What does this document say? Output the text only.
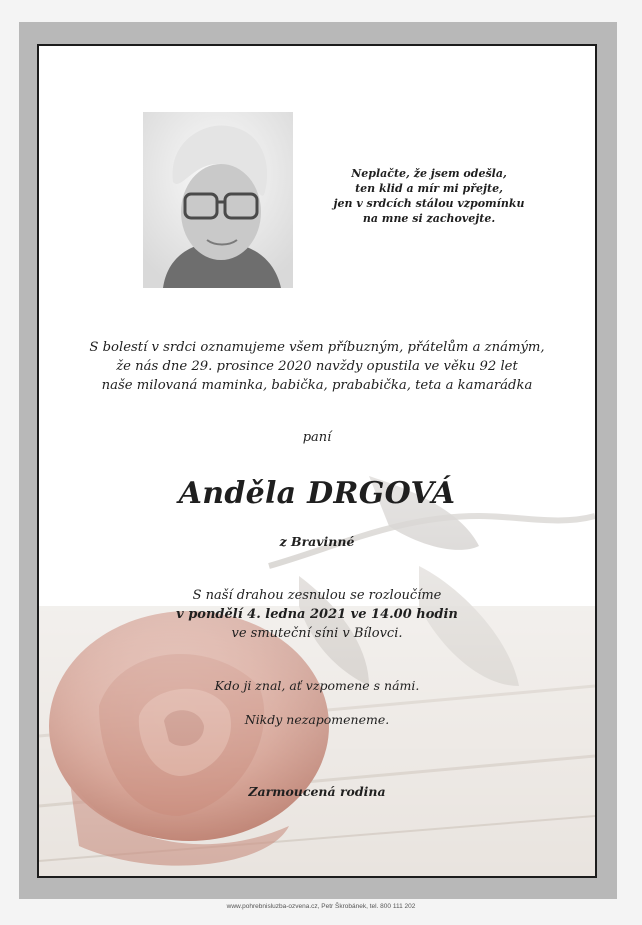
Neplačte, že jsem odešla,
ten klid a mír mi přejte,
jen v srdcích stálou vzpomínku
na mne si zachovejte.
S bolestí v srdci oznamujeme všem příbuzným, přátelům a známým,
že nás dne 29. prosince 2020 navždy opustila ve věku 92 let
naše milovaná maminka, babička, prababička, teta a kamarádka
paní
Anděla DRGOVÁ
z Bravinné
S naší drahou zesnulou se rozloučíme
v pondělí 4. ledna 2021 ve 14.00 hodin
ve smuteční síni v Bílovci.
Kdo ji znal, ať vzpomene s námi.
Nikdy nezapomeneme.
Zarmoucená rodina
www.pohrebnisluzba-ozvenа.cz, Petr Škrobánek, tel. 800 111 202
